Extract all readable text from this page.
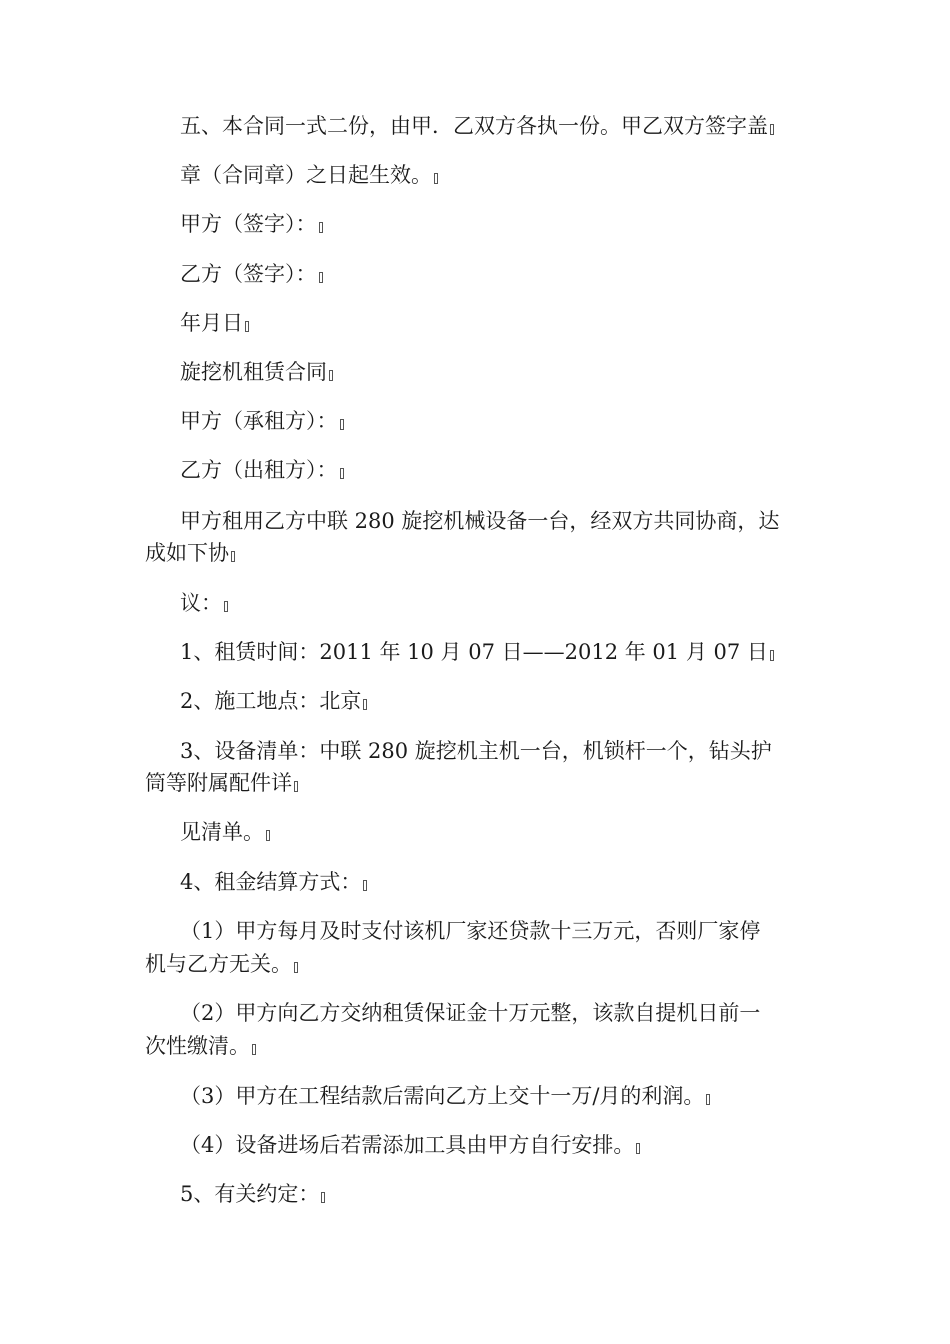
五、本合同一式二份，由甲．乙双方各执一份。甲乙双方签字盖
章（合同章）之日起生效。
甲方（签字）：
乙方（签字）：
年月日
旋挖机租赁合同
甲方（承租方）：
乙方（出租方）：
甲方租用乙方中联 280 旋挖机械设备一台，经双方共同协商，达
成如下协
议：
1、租赁时间：2011 年 10 月 07 日——2012 年 01 月 07 日
2、施工地点：北京
3、设备清单：中联 280 旋挖机主机一台，机锁杆一个，钻头护
筒等附属配件详
见清单。
4、租金结算方式：
（1）甲方每月及时支付该机厂家还贷款十三万元，否则厂家停
机与乙方无关。
（2）甲方向乙方交纳租赁保证金十万元整，该款自提机日前一
次性缴清。
（3）甲方在工程结款后需向乙方上交十一万/月的利润。
（4）设备进场后若需添加工具由甲方自行安排。
5、有关约定：
